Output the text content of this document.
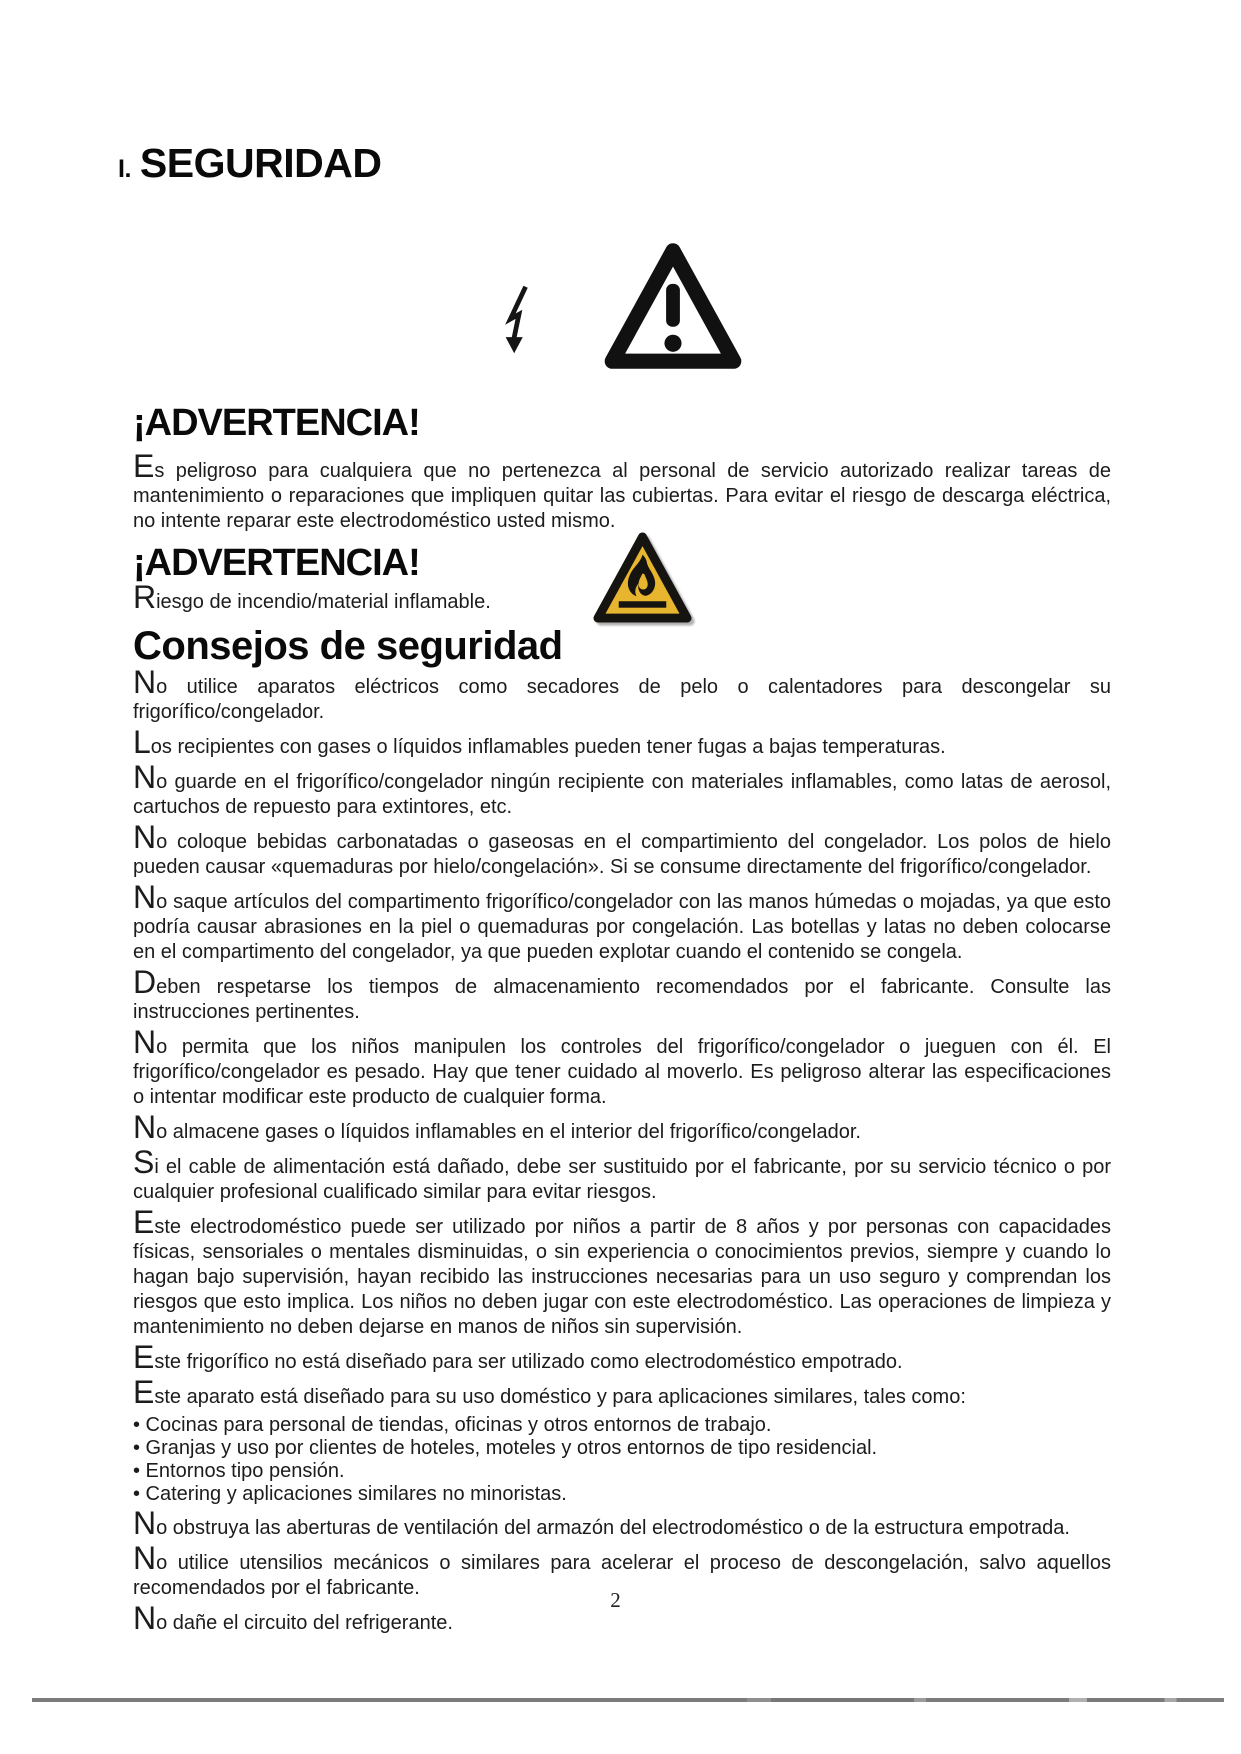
I. SEGURIDAD
¡ADVERTENCIA!

Es peligroso para cualquiera que no pertenezca al personal de servicio autorizado realizar tareas de mantenimiento o reparaciones que impliquen quitar las cubiertas. Para evitar el riesgo de descarga eléctrica, no intente reparar este electrodoméstico usted mismo.

¡ADVERTENCIA!

Riesgo de incendio/material inflamable.

Consejos de seguridad

No utilice aparatos eléctricos como secadores de pelo o calentadores para descongelar su frigorífico/congelador.

Los recipientes con gases o líquidos inflamables pueden tener fugas a bajas temperaturas.

No guarde en el frigorífico/congelador ningún recipiente con materiales inflamables, como latas de aerosol, cartuchos de repuesto para extintores, etc.

No coloque bebidas carbonatadas o gaseosas en el compartimiento del congelador. Los polos de hielo pueden causar «quemaduras por hielo/congelación». Si se consume directamente del frigorífico/congelador.

No saque artículos del compartimento frigorífico/congelador con las manos húmedas o mojadas, ya que esto podría causar abrasiones en la piel o quemaduras por congelación. Las botellas y latas no deben colocarse en el compartimento del congelador, ya que pueden explotar cuando el contenido se congela.

Deben respetarse los tiempos de almacenamiento recomendados por el fabricante. Consulte las instrucciones pertinentes.

No permita que los niños manipulen los controles del frigorífico/congelador o jueguen con él. El frigorífico/congelador es pesado. Hay que tener cuidado al moverlo. Es peligroso alterar las especificaciones o intentar modificar este producto de cualquier forma.

No almacene gases o líquidos inflamables en el interior del frigorífico/congelador.

Si el cable de alimentación está dañado, debe ser sustituido por el fabricante, por su servicio técnico o por cualquier profesional cualificado similar para evitar riesgos.

Este electrodoméstico puede ser utilizado por niños a partir de 8 años y por personas con capacidades físicas, sensoriales o mentales disminuidas, o sin experiencia o conocimientos previos, siempre y cuando lo hagan bajo supervisión, hayan recibido las instrucciones necesarias para un uso seguro y comprendan los riesgos que esto implica. Los niños no deben jugar con este electrodoméstico. Las operaciones de limpieza y mantenimiento no deben dejarse en manos de niños sin supervisión.

Este frigorífico no está diseñado para ser utilizado como electrodoméstico empotrado.

Este aparato está diseñado para su uso doméstico y para aplicaciones similares, tales como:

• Cocinas para personal de tiendas, oficinas y otros entornos de trabajo.
• Granjas y uso por clientes de hoteles, moteles y otros entornos de tipo residencial.
• Entornos tipo pensión.
• Catering y aplicaciones similares no minoristas.

No obstruya las aberturas de ventilación del armazón del electrodoméstico o de la estructura empotrada.

No utilice utensilios mecánicos o similares para acelerar el proceso de descongelación, salvo aquellos recomendados por el fabricante.

No dañe el circuito del refrigerante.

2
